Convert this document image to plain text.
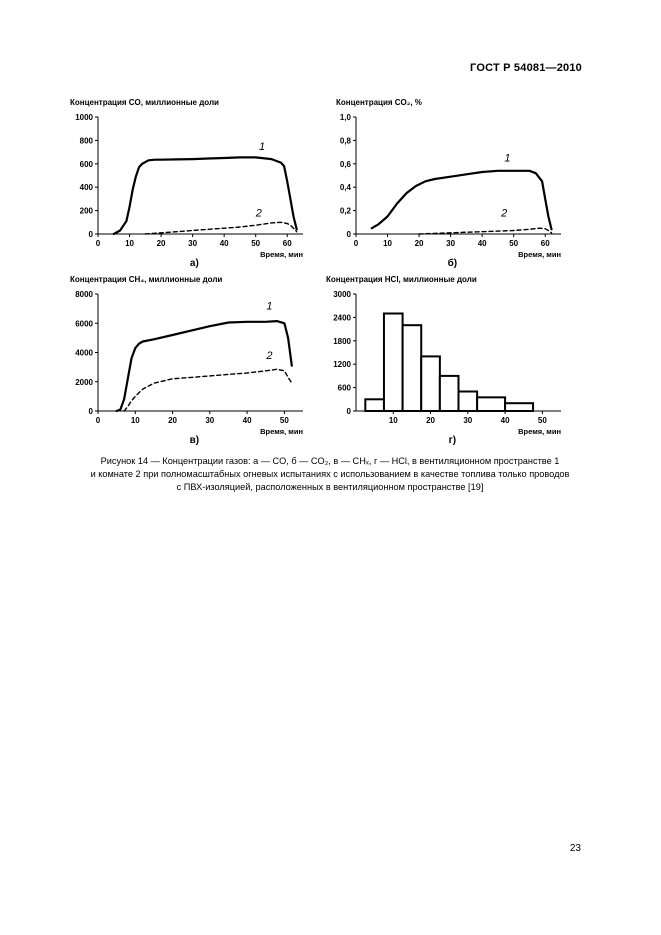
ГОСТ Р 54081—2010
Концентрация CO, миллионные доли
0
200
400
600
800
1000
0	10	20	30	40	50	60
Время, мин
а)
1
2
Концентрация CO₂, %
0
0,2
0,4
0,6
0,8
1,0
0	10	20	30	40	50	60
Время, мин
б)
1
2
Концентрация CH₄, миллионные доли
0
2000
4000
6000
8000
0	10	20	30	40	50
Время, мин
в)
1
2
Концентрация HCl, миллионные доли
0
600
1200
1800
2400
3000
10	20	30	40	50
Время, мин
г)
Рисунок 14 — Концентрации газов: а — CO, б — CO₂, в — CHₓ, г — HCl, в вентиляционном пространстве 1
и комнате 2 при полномасштабных огневых испытаниях с использованием в качестве топлива только проводов
с ПВХ-изоляцией, расположенных в вентиляционном пространстве [19]
23
